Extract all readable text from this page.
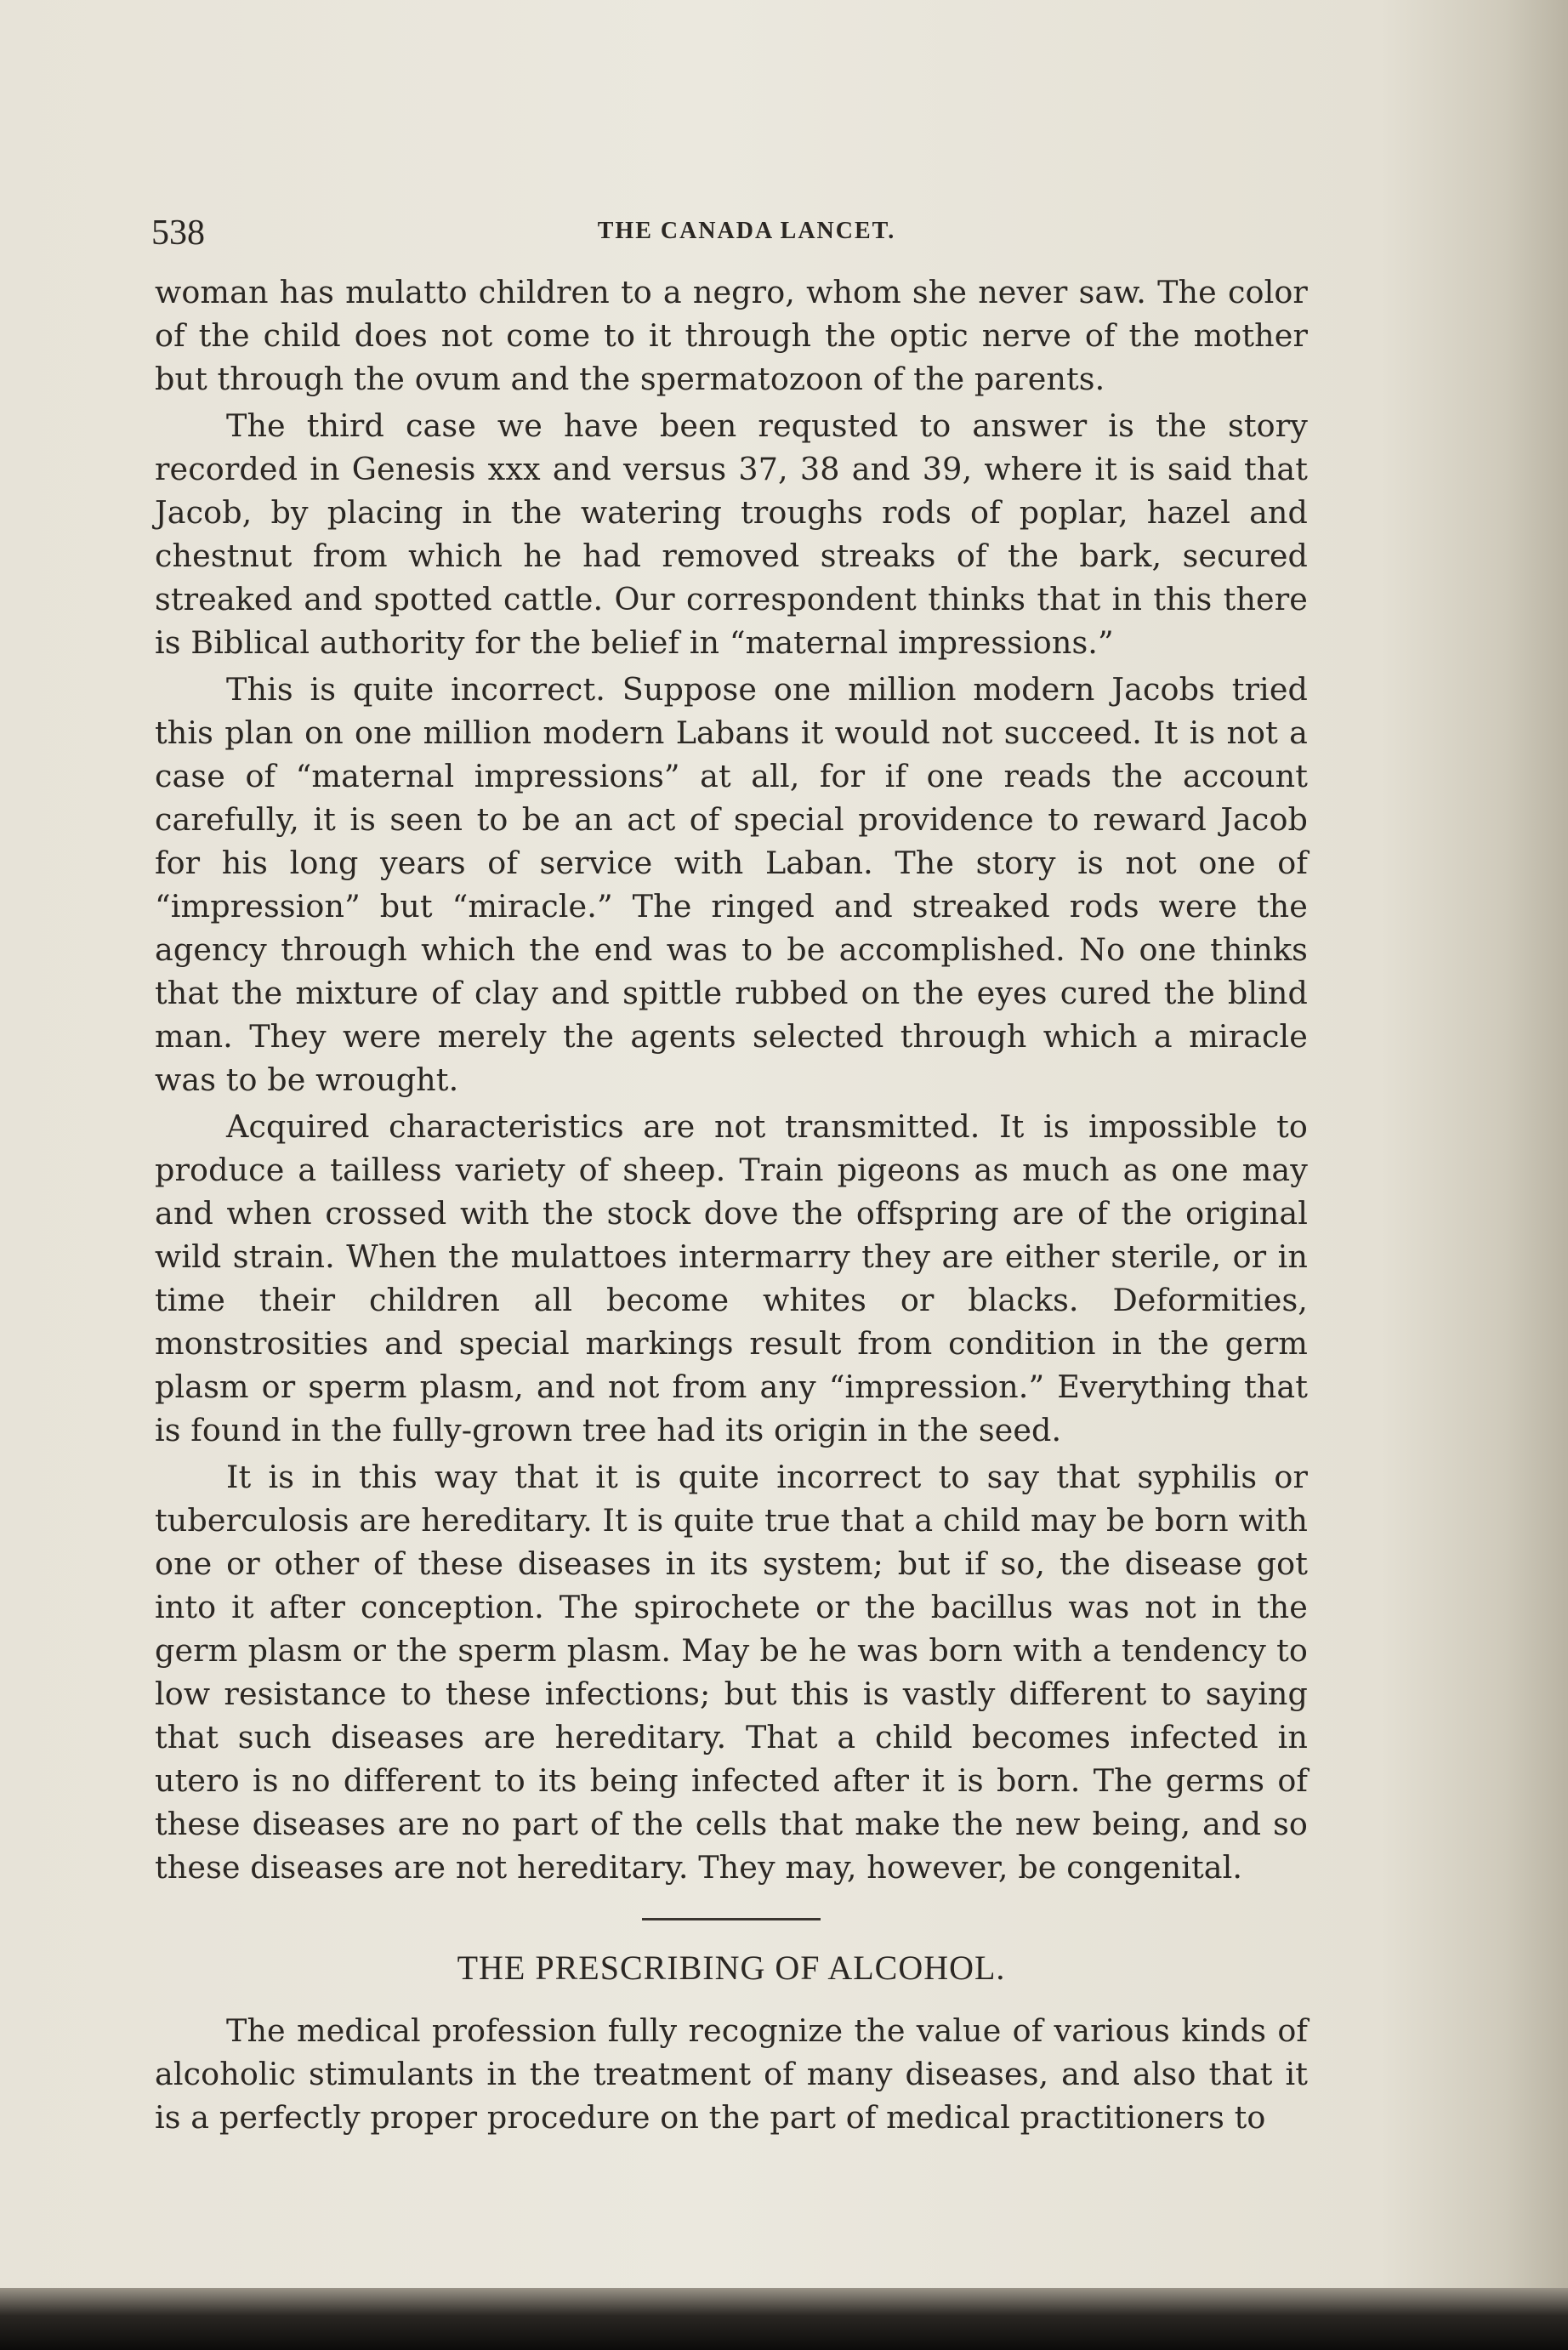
538	THE CANADA LANCET.

woman has mulatto children to a negro, whom she never saw. The color of the child does not come to it through the optic nerve of the mother but through the ovum and the spermatozoon of the parents.

The third case we have been requsted to answer is the story recorded in Genesis xxx and versus 37, 38 and 39, where it is said that Jacob, by placing in the watering troughs rods of poplar, hazel and chestnut from which he had removed streaks of the bark, secured streaked and spotted cattle. Our correspondent thinks that in this there is Biblical authority for the belief in “maternal impressions.”

This is quite incorrect. Suppose one million modern Jacobs tried this plan on one million modern Labans it would not succeed. It is not a case of “maternal impressions” at all, for if one reads the account carefully, it is seen to be an act of special providence to reward Jacob for his long years of service with Laban. The story is not one of “impression” but “miracle.” The ringed and streaked rods were the agency through which the end was to be accomplished. No one thinks that the mixture of clay and spittle rubbed on the eyes cured the blind man. They were merely the agents selected through which a miracle was to be wrought.

Acquired characteristics are not transmitted. It is impossible to produce a tailless variety of sheep. Train pigeons as much as one may and when crossed with the stock dove the offspring are of the original wild strain. When the mulattoes intermarry they are either sterile, or in time their children all become whites or blacks. Deformities, monstrosities and special markings result from condition in the germ plasm or sperm plasm, and not from any “impression.” Everything that is found in the fully-grown tree had its origin in the seed.

It is in this way that it is quite incorrect to say that syphilis or tuberculosis are hereditary. It is quite true that a child may be born with one or other of these diseases in its system; but if so, the disease got into it after conception. The spirochete or the bacillus was not in the germ plasm or the sperm plasm. May be he was born with a tendency to low resistance to these infections; but this is vastly different to saying that such diseases are hereditary. That a child becomes infected in utero is no different to its being infected after it is born. The germs of these diseases are no part of the cells that make the new being, and so these diseases are not hereditary. They may, however, be congenital.

THE PRESCRIBING OF ALCOHOL.

The medical profession fully recognize the value of various kinds of alcoholic stimulants in the treatment of many diseases, and also that it is a perfectly proper procedure on the part of medical practitioners to
